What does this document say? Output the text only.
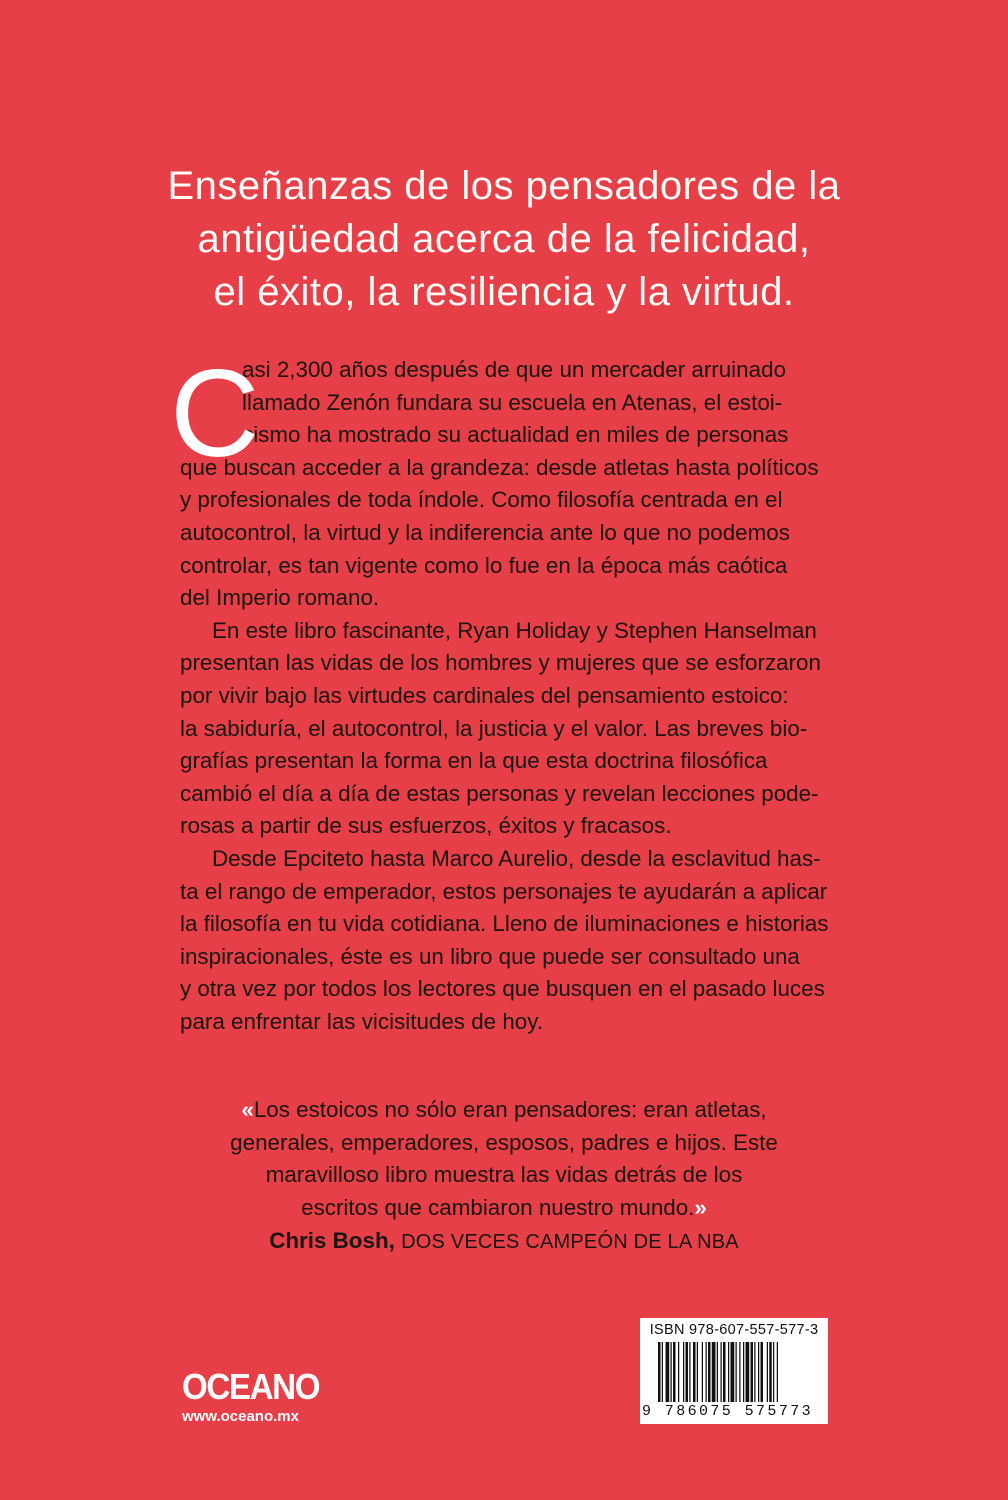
Enseñanzas de los pensadores de la
antigüedad acerca de la felicidad,
el éxito, la resiliencia y la virtud.
C
asi 2,300 años después de que un mercader arruinado
llamado Zenón fundara su escuela en Atenas, el estoi-
cismo ha mostrado su actualidad en miles de personas
que buscan acceder a la grandeza: desde atletas hasta políticos
y profesionales de toda índole. Como filosofía centrada en el
autocontrol, la virtud y la indiferencia ante lo que no podemos
controlar, es tan vigente como lo fue en la época más caótica
del Imperio romano.
En este libro fascinante, Ryan Holiday y Stephen Hanselman
presentan las vidas de los hombres y mujeres que se esforzaron
por vivir bajo las virtudes cardinales del pensamiento estoico:
la sabiduría, el autocontrol, la justicia y el valor. Las breves bio-
grafías presentan la forma en la que esta doctrina filosófica
cambió el día a día de estas personas y revelan lecciones pode-
rosas a partir de sus esfuerzos, éxitos y fracasos.
Desde Epciteto hasta Marco Aurelio, desde la esclavitud has-
ta el rango de emperador, estos personajes te ayudarán a aplicar
la filosofía en tu vida cotidiana. Lleno de iluminaciones e historias
inspiracionales, éste es un libro que puede ser consultado una
y otra vez por todos los lectores que busquen en el pasado luces
para enfrentar las vicisitudes de hoy.
«Los estoicos no sólo eran pensadores: eran atletas,
generales, emperadores, esposos, padres e hijos. Este
maravilloso libro muestra las vidas detrás de los
escritos que cambiaron nuestro mundo.»
Chris Bosh, DOS VECES CAMPEÓN DE LA NBA
OCEANO
www.oceano.mx
ISBN 978-607-557-577-3
9 786075 575773
